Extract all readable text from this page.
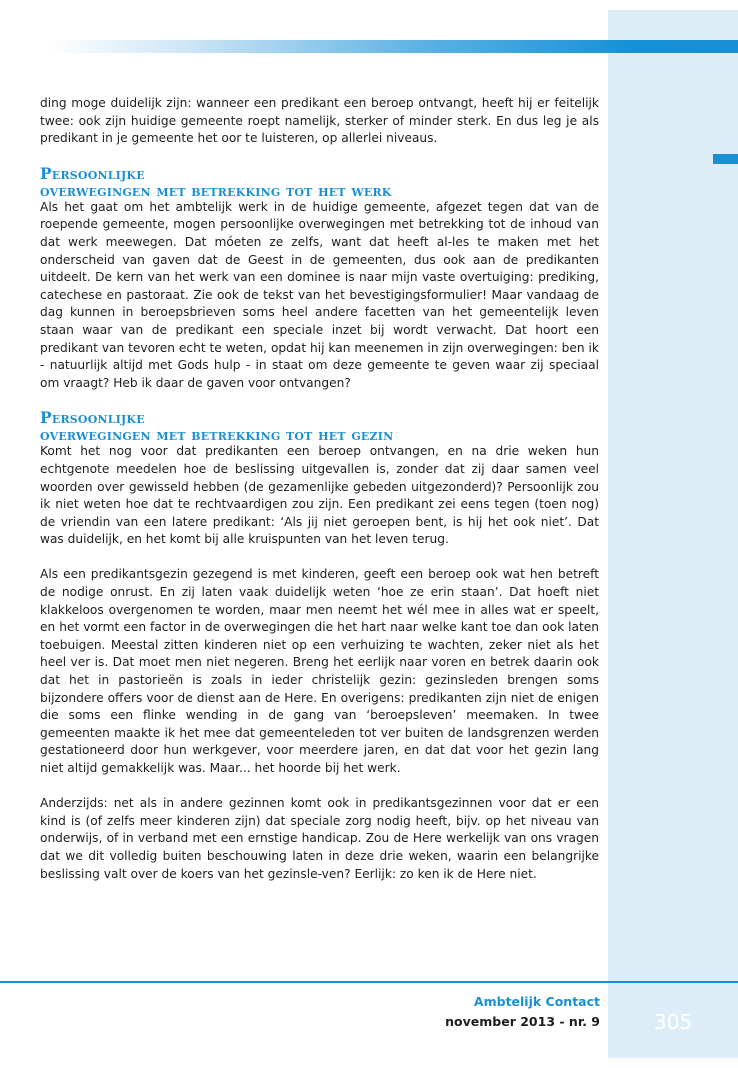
ding moge duidelijk zijn: wanneer een predikant een beroep ontvangt, heeft hij er feitelijk twee: ook zijn huidige gemeente roept namelijk, sterker of minder sterk. En dus leg je als predikant in je gemeente het oor te luisteren, op allerlei niveaus.

Persoonlijke
overwegingen met betrekking tot het werk

Als het gaat om het ambtelijk werk in de huidige gemeente, afgezet tegen dat van de roepende gemeente, mogen persoonlijke overwegingen met betrekking tot de inhoud van dat werk meewegen. Dat móeten ze zelfs, want dat heeft al-les te maken met het onderscheid van gaven dat de Geest in de gemeenten, dus ook aan de predikanten uitdeelt. De kern van het werk van een dominee is naar mijn vaste overtuiging: prediking, catechese en pastoraat. Zie ook de tekst van het bevestigingsformulier! Maar vandaag de dag kunnen in beroepsbrieven soms heel andere facetten van het gemeentelijk leven staan waar van de predikant een speciale inzet bij wordt verwacht. Dat hoort een predikant van tevoren echt te weten, opdat hij kan meenemen in zijn overwegingen: ben ik - natuurlijk altijd met Gods hulp - in staat om deze gemeente te geven waar zij speciaal om vraagt? Heb ik daar de gaven voor ontvangen?

Persoonlijke
overwegingen met betrekking tot het gezin

Komt het nog voor dat predikanten een beroep ontvangen, en na drie weken hun echtgenote meedelen hoe de beslissing uitgevallen is, zonder dat zij daar samen veel woorden over gewisseld hebben (de gezamenlijke gebeden uitgezonderd)? Persoonlijk zou ik niet weten hoe dat te rechtvaardigen zou zijn. Een predikant zei eens tegen (toen nog) de vriendin van een latere predikant: ‘Als jij niet geroepen bent, is hij het ook niet’. Dat was duidelijk, en het komt bij alle kruispunten van het leven terug.

Als een predikantsgezin gezegend is met kinderen, geeft een beroep ook wat hen betreft de nodige onrust. En zij laten vaak duidelijk weten ‘hoe ze erin staan’. Dat hoeft niet klakkeloos overgenomen te worden, maar men neemt het wél mee in alles wat er speelt, en het vormt een factor in de overwegingen die het hart naar welke kant toe dan ook laten toebuigen. Meestal zitten kinderen niet op een verhuizing te wachten, zeker niet als het heel ver is. Dat moet men niet negeren. Breng het eerlijk naar voren en betrek daarin ook dat het in pastorieën is zoals in ieder christelijk gezin: gezinsleden brengen soms bijzondere offers voor de dienst aan de Here. En overigens: predikanten zijn niet de enigen die soms een flinke wending in de gang van ‘beroepsleven’ meemaken. In twee gemeenten maakte ik het mee dat gemeenteleden tot ver buiten de landsgrenzen werden gestationeerd door hun werkgever, voor meerdere jaren, en dat dat voor het gezin lang niet altijd gemakkelijk was. Maar... het hoorde bij het werk.

Anderzijds: net als in andere gezinnen komt ook in predikantsgezinnen voor dat er een kind is (of zelfs meer kinderen zijn) dat speciale zorg nodig heeft, bijv. op het niveau van onderwijs, of in verband met een ernstige handicap. Zou de Here werkelijk van ons vragen dat we dit volledig buiten beschouwing laten in deze drie weken, waarin een belangrijke beslissing valt over de koers van het gezinsle-ven? Eerlijk: zo ken ik de Here niet.

Ambtelijk Contact
november 2013 - nr. 9	305
